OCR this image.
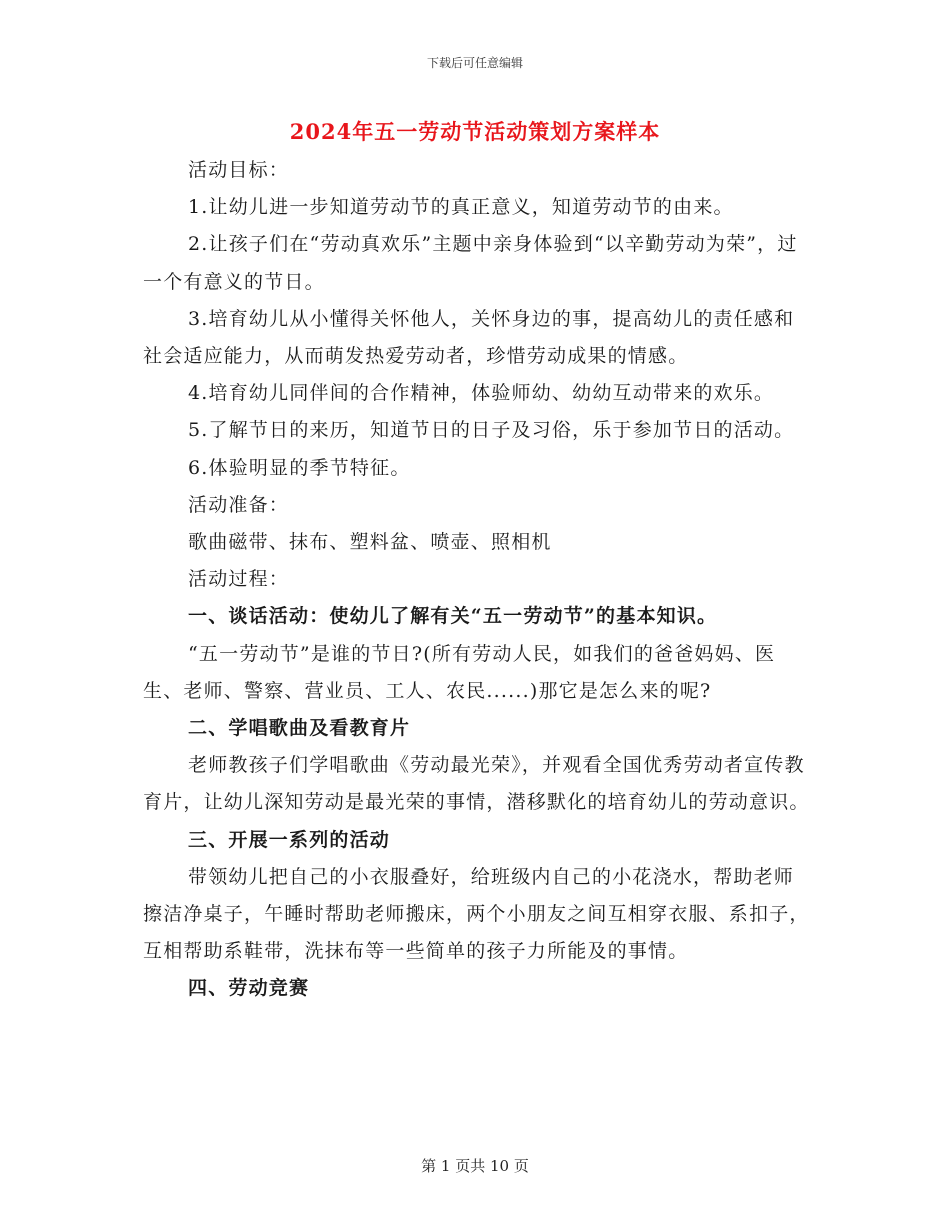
下载后可任意编辑
2024年五一劳动节活动策划方案样本

活动目标：

1.让幼儿进一步知道劳动节的真正意义，知道劳动节的由来。

2.让孩子们在“劳动真欢乐”主题中亲身体验到“以辛勤劳动为荣”，过一个有意义的节日。

3.培育幼儿从小懂得关怀他人，关怀身边的事，提高幼儿的责任感和社会适应能力，从而萌发热爱劳动者，珍惜劳动成果的情感。

4.培育幼儿同伴间的合作精神，体验师幼、幼幼互动带来的欢乐。

5.了解节日的来历，知道节日的日子及习俗，乐于参加节日的活动。

6.体验明显的季节特征。

活动准备：

歌曲磁带、抹布、塑料盆、喷壶、照相机

活动过程：

一、谈话活动：使幼儿了解有关“五一劳动节”的基本知识。

“五一劳动节”是谁的节日?(所有劳动人民，如我们的爸爸妈妈、医生、老师、警察、营业员、工人、农民......)那它是怎么来的呢?

二、学唱歌曲及看教育片

老师教孩子们学唱歌曲《劳动最光荣》，并观看全国优秀劳动者宣传教育片，让幼儿深知劳动是最光荣的事情，潜移默化的培育幼儿的劳动意识。

三、开展一系列的活动

带领幼儿把自己的小衣服叠好，给班级内自己的小花浇水，帮助老师擦洁净桌子，午睡时帮助老师搬床，两个小朋友之间互相穿衣服、系扣子，互相帮助系鞋带，洗抹布等一些简单的孩子力所能及的事情。

四、劳动竞赛

第 1 页共 10 页
